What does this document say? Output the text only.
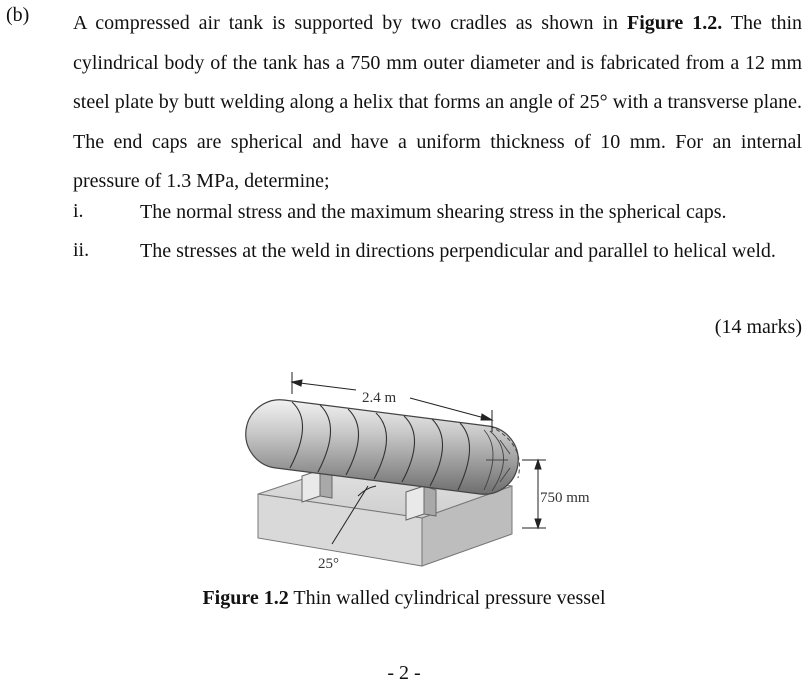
(b) A compressed air tank is supported by two cradles as shown in Figure 1.2. The thin cylindrical body of the tank has a 750 mm outer diameter and is fabricated from a 12 mm steel plate by butt welding along a helix that forms an angle of 25° with a transverse plane. The end caps are spherical and have a uniform thickness of 10 mm. For an internal pressure of 1.3 MPa, determine;
i.	The normal stress and the maximum shearing stress in the spherical caps.
ii.	The stresses at the weld in directions perpendicular and parallel to helical weld.
(14 marks)
2.4 m
750 mm
25°
Figure 1.2 Thin walled cylindrical pressure vessel
- 2 -
